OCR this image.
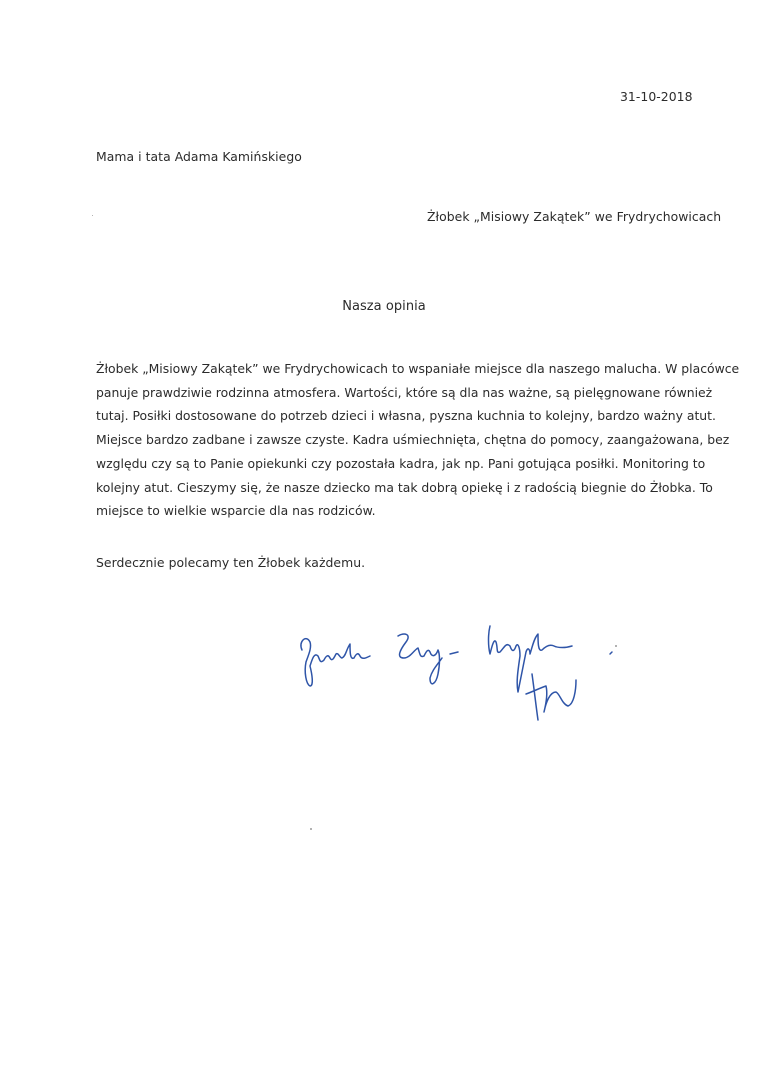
31-10-2018
Mama i tata Adama Kamińskiego
Żłobek „Misiowy Zakątek” we Frydrychowicach
Nasza opinia
Żłobek „Misiowy Zakątek” we Frydrychowicach to wspaniałe miejsce dla naszego malucha. W placówce
panuje prawdziwie rodzinna atmosfera. Wartości, które są dla nas ważne, są pielęgnowane również
tutaj. Posiłki dostosowane do potrzeb dzieci i własna, pyszna kuchnia to kolejny, bardzo ważny atut.
Miejsce bardzo zadbane i zawsze czyste. Kadra uśmiechnięta, chętna do pomocy, zaangażowana, bez
względu czy są to Panie opiekunki czy pozostała kadra, jak np. Pani gotująca posiłki. Monitoring to
kolejny atut. Cieszymy się, że nasze dziecko ma tak dobrą opiekę i z radością biegnie do Żłobka. To
miejsce to wielkie wsparcie dla nas rodziców.
Serdecznie polecamy ten Żłobek każdemu.
